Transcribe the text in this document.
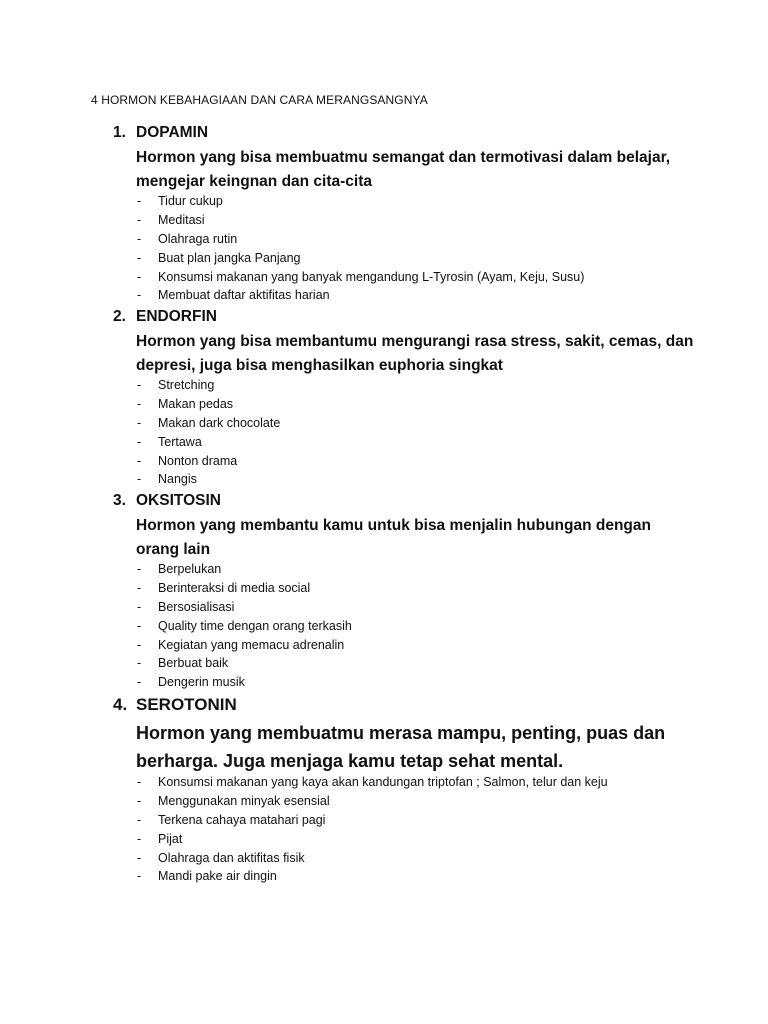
4 HORMON KEBAHAGIAAN DAN CARA MERANGSANGNYA
1. DOPAMIN
Hormon yang bisa membuatmu semangat dan termotivasi dalam belajar, mengejar keingnan dan cita-cita
- Tidur cukup
- Meditasi
- Olahraga rutin
- Buat plan jangka Panjang
- Konsumsi makanan yang banyak mengandung L-Tyrosin (Ayam, Keju, Susu)
- Membuat daftar aktifitas harian
2. ENDORFIN
Hormon yang bisa membantumu mengurangi rasa stress, sakit, cemas, dan depresi, juga bisa menghasilkan euphoria singkat
- Stretching
- Makan pedas
- Makan dark chocolate
- Tertawa
- Nonton drama
- Nangis
3. OKSITOSIN
Hormon yang membantu kamu untuk bisa menjalin hubungan dengan orang lain
- Berpelukan
- Berinteraksi di media social
- Bersosialisasi
- Quality time dengan orang terkasih
- Kegiatan yang memacu adrenalin
- Berbuat baik
- Dengerin musik
4. SEROTONIN
Hormon yang membuatmu merasa mampu, penting, puas dan berharga. Juga menjaga kamu tetap sehat mental.
- Konsumsi makanan yang kaya akan kandungan triptofan ; Salmon, telur dan keju
- Menggunakan minyak esensial
- Terkena cahaya matahari pagi
- Pijat
- Olahraga dan aktifitas fisik
- Mandi pake air dingin
